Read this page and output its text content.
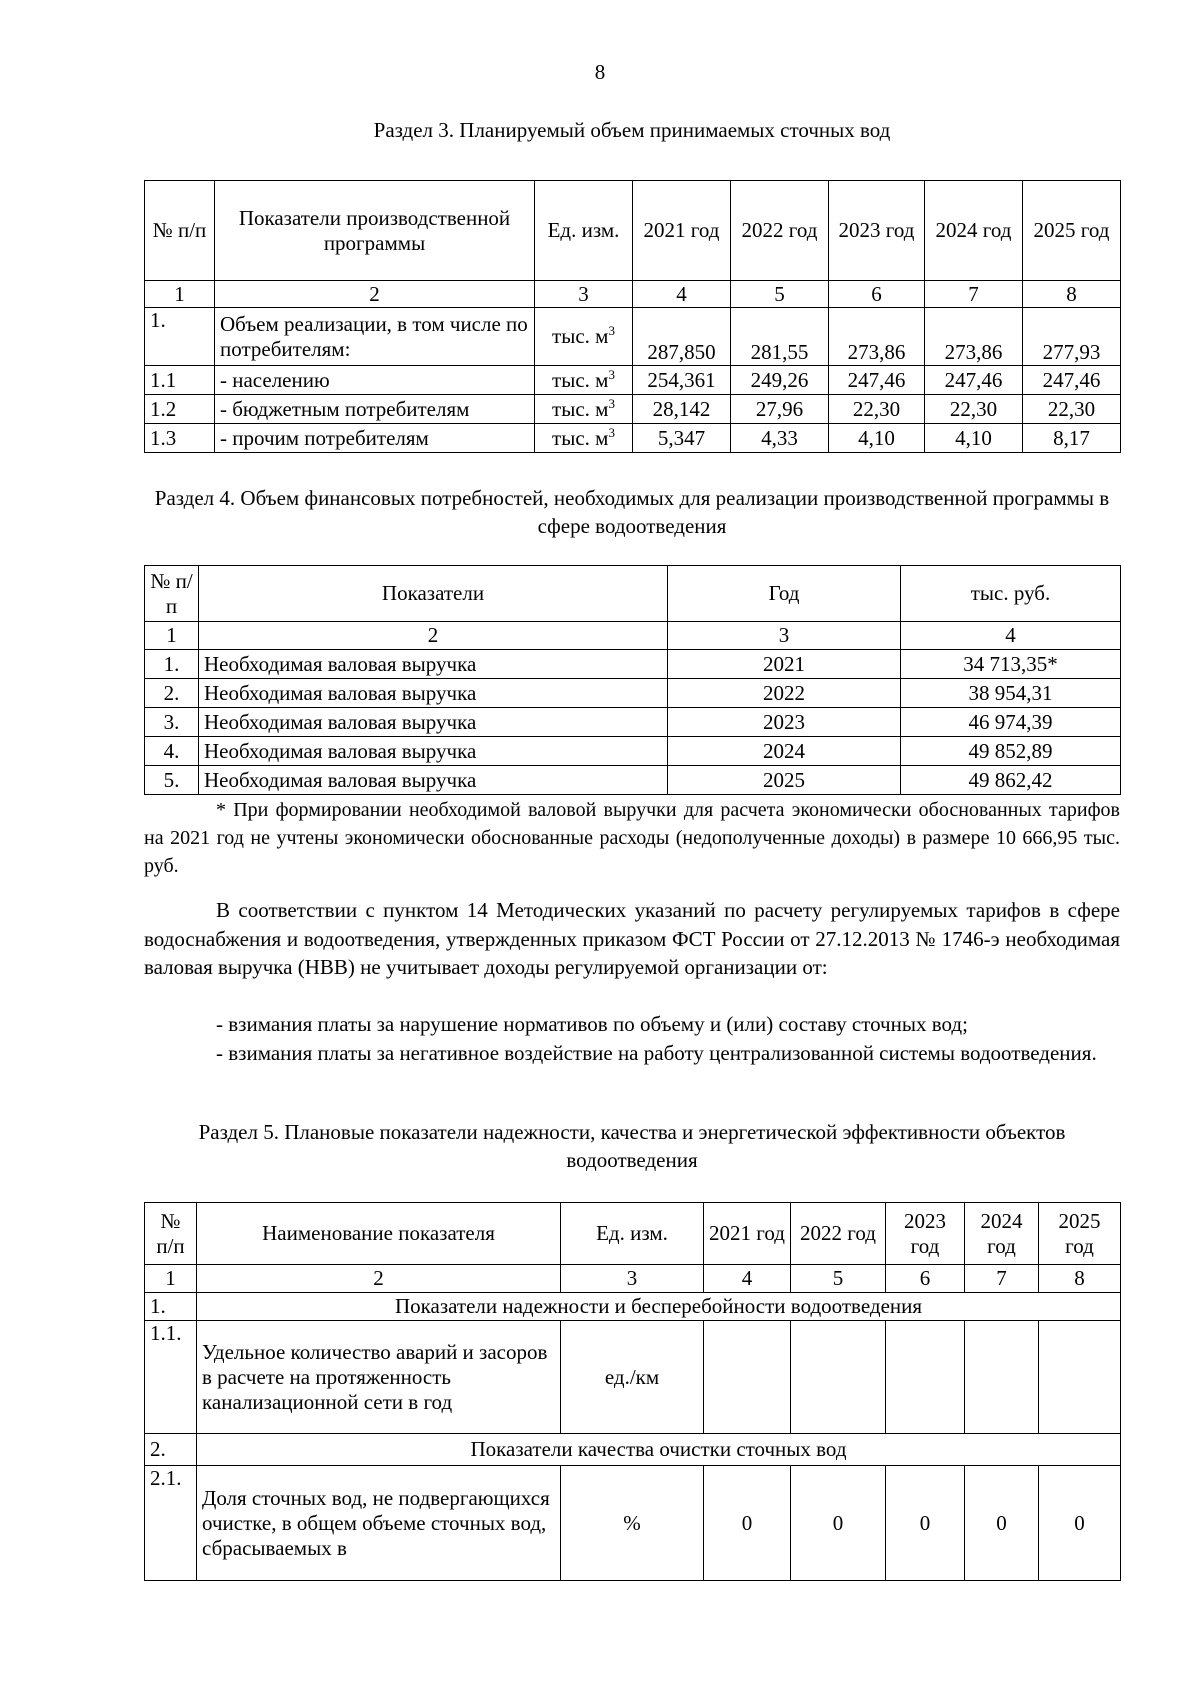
8
Раздел 3. Планируемый объем принимаемых сточных вод
№ п/п	Показатели производственной программы	Ед. изм.	2021 год	2022 год	2023 год	2024 год	2025 год
1	2	3	4	5	6	7	8
1.	Объем реализации, в том числе по потребителям:	тыс. $м^3$	287,850	281,55	273,86	273,86	277,93
1.1	- населению	тыс. $м^3$	254,361	249,26	247,46	247,46	247,46
1.2	- бюджетным потребителям	тыс. $м^3$	28,142	27,96	22,30	22,30	22,30
1.3	- прочим потребителям	тыс. $м^3$	5,347	4,33	4,10	4,10	8,17
Раздел 4. Объем финансовых потребностей, необходимых для реализации производственной программы в сфере водоотведения
№ п/п	Показатели	Год	тыс. руб.
1	2	3	4
1.	Необходимая валовая выручка	2021	34 713,35*
2.	Необходимая валовая выручка	2022	38 954,31
3.	Необходимая валовая выручка	2023	46 974,39
4.	Необходимая валовая выручка	2024	49 852,89
5.	Необходимая валовая выручка	2025	49 862,42
* При формировании необходимой валовой выручки для расчета экономически обоснованных тарифов на 2021 год не учтены экономически обоснованные расходы (недополученные доходы) в размере 10 666,95 тыс. руб.
В соответствии с пунктом 14 Методических указаний по расчету регулируемых тарифов в сфере водоснабжения и водоотведения, утвержденных приказом ФСТ России от 27.12.2013 № 1746-э необходимая валовая выручка (НВВ) не учитывает доходы регулируемой организации от:
- взимания платы за нарушение нормативов по объему и (или) составу сточных вод;
- взимания платы за негативное воздействие на работу централизованной системы водоотведения.
Раздел 5. Плановые показатели надежности, качества и энергетической эффективности объектов водоотведения
№ п/п	Наименование показателя	Ед. изм.	2021 год	2022 год	2023 год	2024 год	2025 год
1	2	3	4	5	6	7	8
1.	Показатели надежности и бесперебойности водоотведения						
1.1.	Удельное количество аварий и засоров в расчете на протяженность канализационной сети в год	ед./км					
2.	Показатели качества очистки сточных вод						
2.1.	Доля сточных вод, не подвергающихся очистке, в общем объеме сточных вод, сбрасываемых в	%	0	0	0	0	0
